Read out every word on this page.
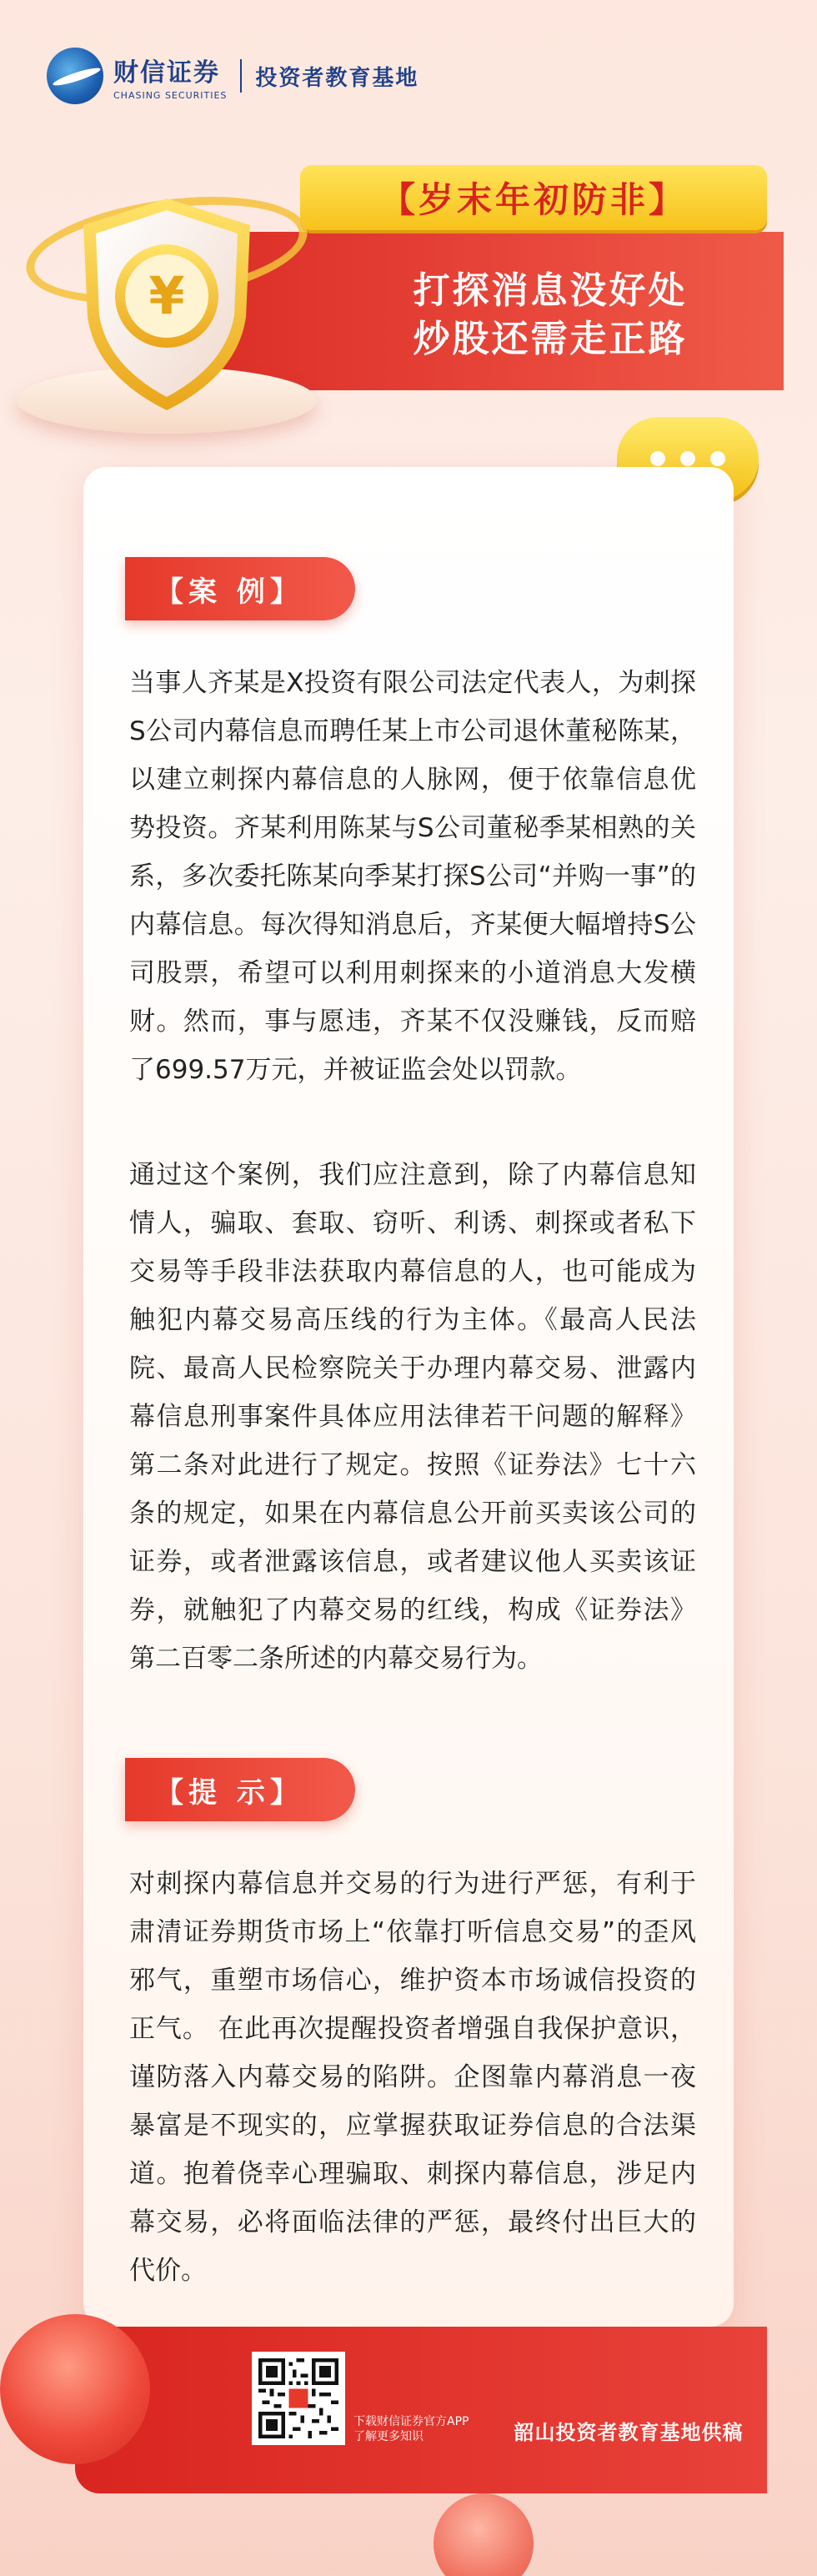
财信证券
CHASING SECURITIES
投资者教育基地
【岁末年初防非】
打探消息没好处
炒股还需走正路
¥
【案 例】

当事人齐某是X投资有限公司法定代表人，为刺探S公司内幕信息而聘任某上市公司退休董秘陈某，以建立刺探内幕信息的人脉网，便于依靠信息优势投资。齐某利用陈某与S公司董秘季某相熟的关系，多次委托陈某向季某打探S公司“并购一事”的内幕信息。每次得知消息后，齐某便大幅增持S公司股票，希望可以利用刺探来的小道消息大发横财。然而，事与愿违，齐某不仅没赚钱，反而赔了699.57万元，并被证监会处以罚款。

通过这个案例，我们应注意到，除了内幕信息知情人，骗取、套取、窃听、利诱、刺探或者私下交易等手段非法获取内幕信息的人，也可能成为触犯内幕交易高压线的行为主体。《最高人民法院、最高人民检察院关于办理内幕交易、泄露内幕信息刑事案件具体应用法律若干问题的解释》第二条对此进行了规定。按照《证券法》七十六条的规定，如果在内幕信息公开前买卖该公司的证券，或者泄露该信息，或者建议他人买卖该证券，就触犯了内幕交易的红线，构成《证券法》第二百零二条所述的内幕交易行为。

【提 示】

对刺探内幕信息并交易的行为进行严惩，有利于肃清证券期货市场上“依靠打听信息交易”的歪风邪气，重塑市场信心，维护资本市场诚信投资的正气。 在此再次提醒投资者增强自我保护意识，谨防落入内幕交易的陷阱。企图靠内幕消息一夜暴富是不现实的，应掌握获取证券信息的合法渠道。抱着侥幸心理骗取、刺探内幕信息，涉足内幕交易，必将面临法律的严惩，最终付出巨大的代价。

下载财信证券官方APP
了解更多知识	韶山投资者教育基地供稿
